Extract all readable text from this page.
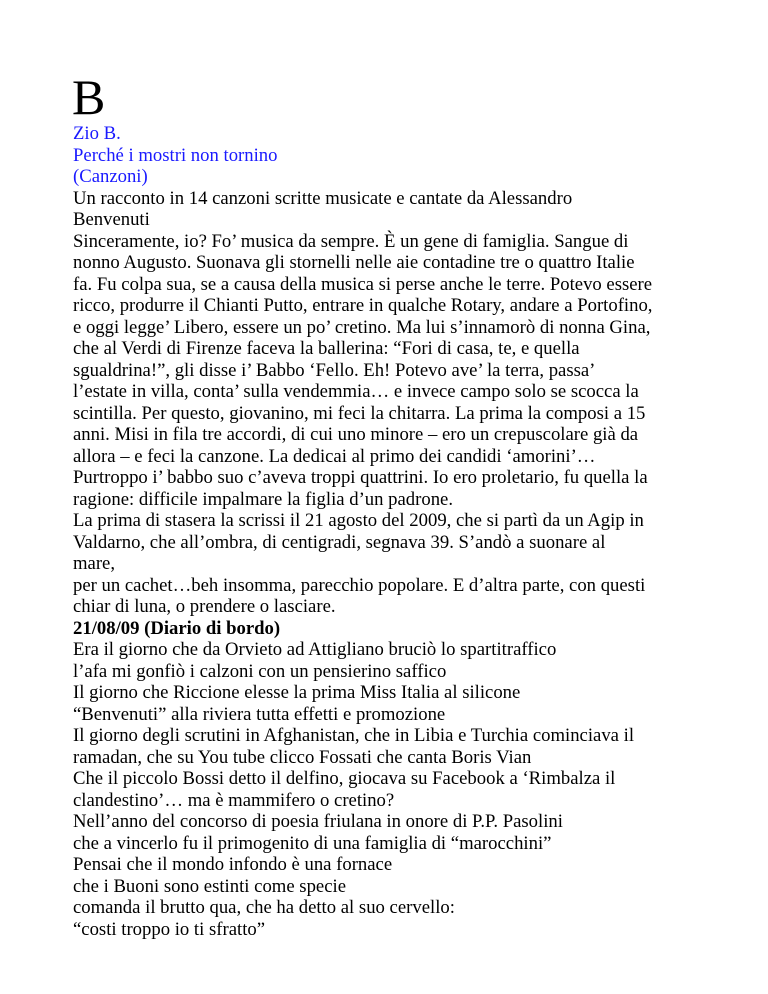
B
Zio B.
Perché i mostri non tornino
(Canzoni)
Un racconto in 14 canzoni scritte musicate e cantate da Alessandro
Benvenuti
Sinceramente, io? Fo’ musica da sempre. È un gene di famiglia. Sangue di
nonno Augusto. Suonava gli stornelli nelle aie contadine tre o quattro Italie
fa. Fu colpa sua, se a causa della musica si perse anche le terre. Potevo essere
ricco, produrre il Chianti Putto, entrare in qualche Rotary, andare a Portofino,
e oggi legge’ Libero, essere un po’ cretino. Ma lui s’innamorò di nonna Gina,
che al Verdi di Firenze faceva la ballerina: “Fori di casa, te, e quella
sgualdrina!”, gli disse i’ Babbo ‘Fello. Eh! Potevo ave’ la terra, passa’
l’estate in villa, conta’ sulla vendemmia… e invece campo solo se scocca la
scintilla. Per questo, giovanino, mi feci la chitarra. La prima la composi a 15
anni. Misi in fila tre accordi, di cui uno minore – ero un crepuscolare già da
allora – e feci la canzone. La dedicai al primo dei candidi ‘amorini’…
Purtroppo i’ babbo suo c’aveva troppi quattrini. Io ero proletario, fu quella la
ragione: difficile impalmare la figlia d’un padrone.
La prima di stasera la scrissi il 21 agosto del 2009, che si partì da un Agip in
Valdarno, che all’ombra, di centigradi, segnava 39. S’andò a suonare al
mare,
per un cachet…beh insomma, parecchio popolare. E d’altra parte, con questi
chiar di luna, o prendere o lasciare.
21/08/09 (Diario di bordo)
Era il giorno che da Orvieto ad Attigliano bruciò lo spartitraffico
l’afa mi gonfiò i calzoni con un pensierino saffico
Il giorno che Riccione elesse la prima Miss Italia al silicone
“Benvenuti” alla riviera tutta effetti e promozione
Il giorno degli scrutini in Afghanistan, che in Libia e Turchia cominciava il
ramadan, che su You tube clicco Fossati che canta Boris Vian
Che il piccolo Bossi detto il delfino, giocava su Facebook a ‘Rimbalza il
clandestino’… ma è mammifero o cretino?
Nell’anno del concorso di poesia friulana in onore di P.P. Pasolini
che a vincerlo fu il primogenito di una famiglia di “marocchini”
Pensai che il mondo infondo è una fornace
che i Buoni sono estinti come specie
comanda il brutto qua, che ha detto al suo cervello:
“costi troppo io ti sfratto”
